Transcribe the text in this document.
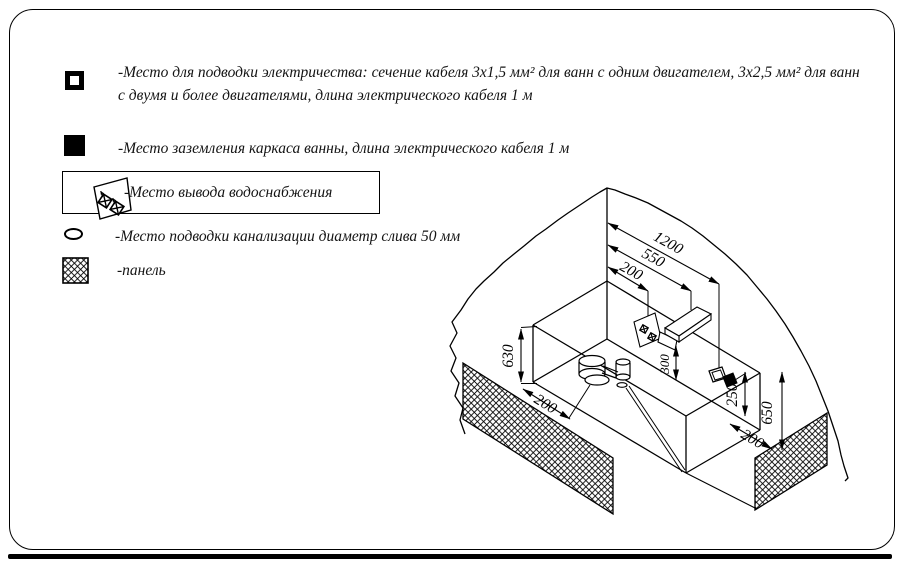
-Место для подводки электричества: сечение кабеля 3х1,5 мм² для ванн с одним двигателем, 3х2,5 мм² для ванн с двумя и более двигателями, длина электрического кабеля 1 м
-Место заземления каркаса ванны, длина электрического кабеля 1 м
-Место вывода водоснабжения
-Место подводки канализации диаметр слива 50 мм
-панель
1200
550
200
630
200
300
250
650
200
